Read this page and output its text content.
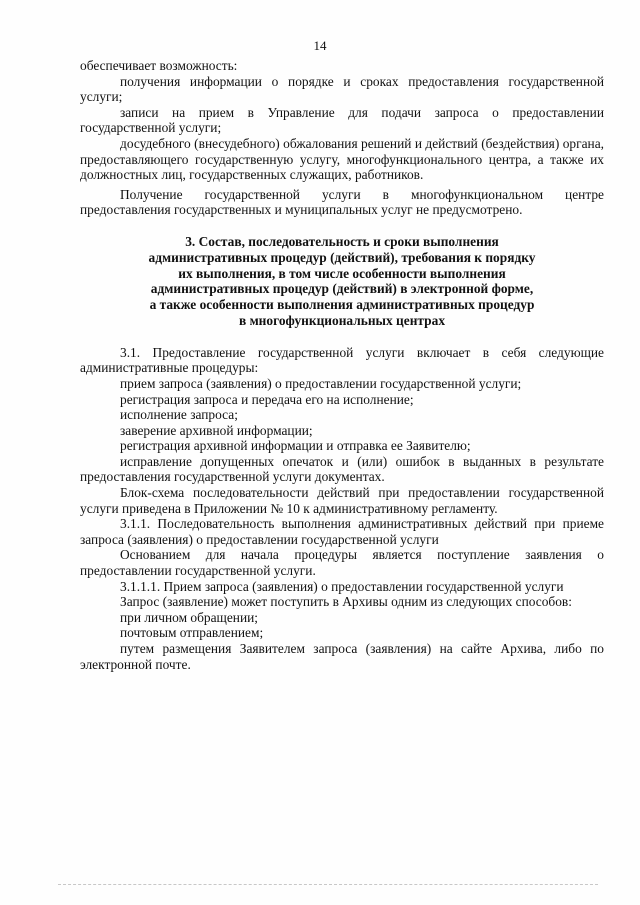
14

обеспечивает возможность:

получения информации о порядке и сроках предоставления государственной услуги;

записи на прием в Управление для подачи запроса о предоставлении государственной услуги;

досудебного (внесудебного) обжалования решений и действий (бездействия) органа, предоставляющего государственную услугу, многофункционального центра, а также их должностных лиц, государственных служащих, работников.

Получение государственной услуги в многофункциональном центре предоставления государственных и муниципальных услуг не предусмотрено.

3. Состав, последовательность и сроки выполнения
административных процедур (действий), требования к порядку
их выполнения, в том числе особенности выполнения
административных процедур (действий) в электронной форме,
а также особенности выполнения административных процедур
в многофункциональных центрах

3.1. Предоставление государственной услуги включает в себя следующие административные процедуры:

прием запроса (заявления) о предоставлении государственной услуги;

регистрация запроса и передача его на исполнение;

исполнение запроса;

заверение архивной информации;

регистрация архивной информации и отправка ее Заявителю;

исправление допущенных опечаток и (или) ошибок в выданных в результате предоставления государственной услуги документах.

Блок-схема последовательности действий при предоставлении государственной услуги приведена в Приложении № 10 к административному регламенту.

3.1.1. Последовательность выполнения административных действий при приеме запроса (заявления) о предоставлении государственной услуги

Основанием для начала процедуры является поступление заявления о предоставлении государственной услуги.

3.1.1.1. Прием запроса (заявления) о предоставлении государственной услуги

Запрос (заявление) может поступить в Архивы одним из следующих способов:

при личном обращении;

почтовым отправлением;

путем размещения Заявителем запроса (заявления) на сайте Архива, либо по электронной почте.
